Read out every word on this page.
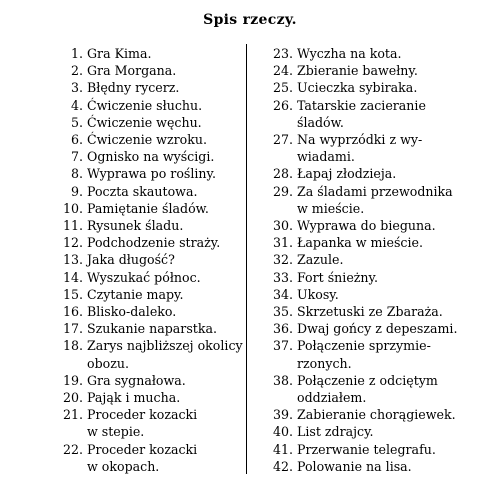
Spis rzeczy.
1. Gra Kima.
2. Gra Morgana.
3. Błędny rycerz.
4. Ćwiczenie słuchu.
5. Ćwiczenie węchu.
6. Ćwiczenie wzroku.
7. Ognisko na wyścigi.
8. Wyprawa po rośliny.
9. Poczta skautowa.
10. Pamiętanie śladów.
11. Rysunek śladu.
12. Podchodzenie straży.
13. Jaka długość?
14. Wyszukać północ.
15. Czytanie mapy.
16. Blisko-daleko.
17. Szukanie naparstka.
18. Zarys najbliższej okolicy
obozu.
19. Gra sygnałowa.
20. Pająk i mucha.
21. Proceder kozacki
w stepie.
22. Proceder kozacki
w okopach.
23. Wyczha na kota.
24. Zbieranie bawełny.
25. Ucieczka sybiraka.
26. Tatarskie zacieranie
śladów.
27. Na wyprzódki z wy-
wiadami.
28. Łapaj złodzieja.
29. Za śladami przewodnika
w mieście.
30. Wyprawa do bieguna.
31. Łapanka w mieście.
32. Zazule.
33. Fort śnieżny.
34. Ukosy.
35. Skrzetuski ze Zbaraża.
36. Dwaj gońcy z depeszami.
37. Połączenie sprzymie-
rzonych.
38. Połączenie z odciętym
oddziałem.
39. Zabieranie chorągiewek.
40. List zdrajcy.
41. Przerwanie telegrafu.
42. Polowanie na lisa.
